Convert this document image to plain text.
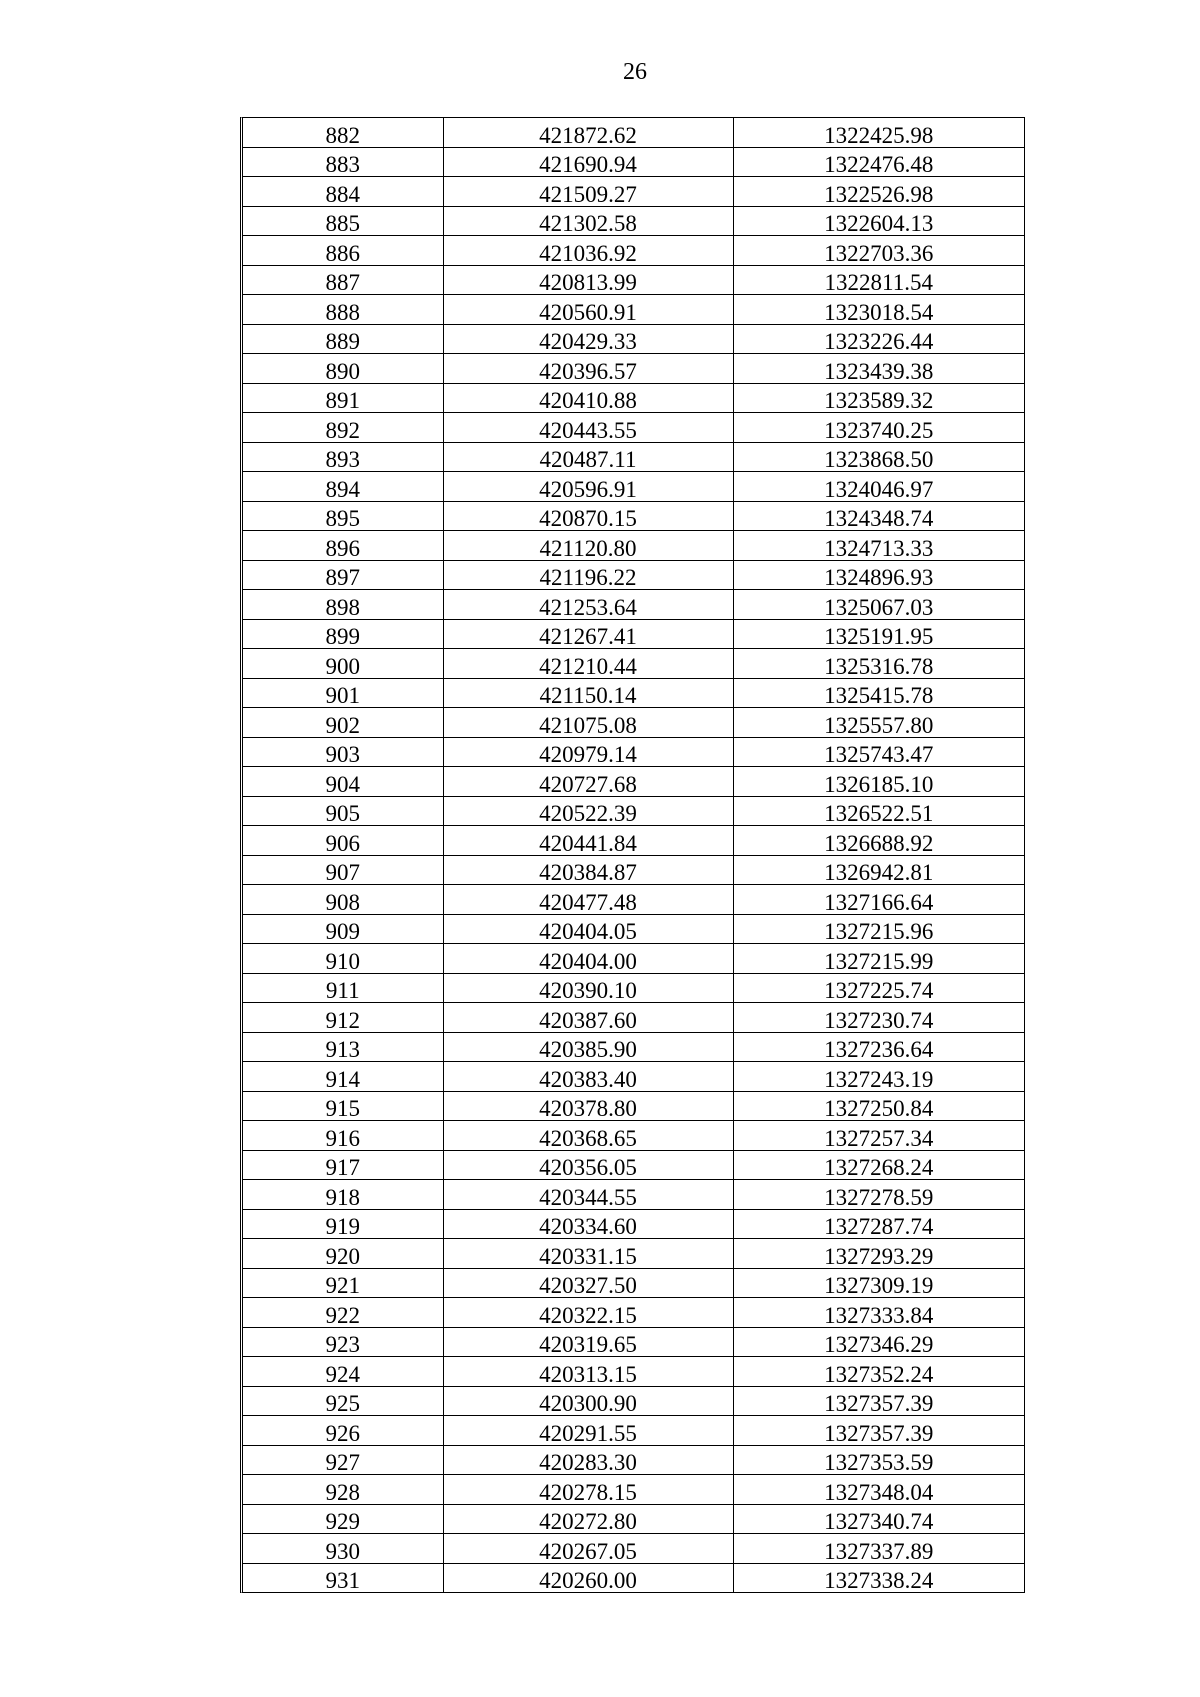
26
882	421872.62	1322425.98
883	421690.94	1322476.48
884	421509.27	1322526.98
885	421302.58	1322604.13
886	421036.92	1322703.36
887	420813.99	1322811.54
888	420560.91	1323018.54
889	420429.33	1323226.44
890	420396.57	1323439.38
891	420410.88	1323589.32
892	420443.55	1323740.25
893	420487.11	1323868.50
894	420596.91	1324046.97
895	420870.15	1324348.74
896	421120.80	1324713.33
897	421196.22	1324896.93
898	421253.64	1325067.03
899	421267.41	1325191.95
900	421210.44	1325316.78
901	421150.14	1325415.78
902	421075.08	1325557.80
903	420979.14	1325743.47
904	420727.68	1326185.10
905	420522.39	1326522.51
906	420441.84	1326688.92
907	420384.87	1326942.81
908	420477.48	1327166.64
909	420404.05	1327215.96
910	420404.00	1327215.99
911	420390.10	1327225.74
912	420387.60	1327230.74
913	420385.90	1327236.64
914	420383.40	1327243.19
915	420378.80	1327250.84
916	420368.65	1327257.34
917	420356.05	1327268.24
918	420344.55	1327278.59
919	420334.60	1327287.74
920	420331.15	1327293.29
921	420327.50	1327309.19
922	420322.15	1327333.84
923	420319.65	1327346.29
924	420313.15	1327352.24
925	420300.90	1327357.39
926	420291.55	1327357.39
927	420283.30	1327353.59
928	420278.15	1327348.04
929	420272.80	1327340.74
930	420267.05	1327337.89
931	420260.00	1327338.24
